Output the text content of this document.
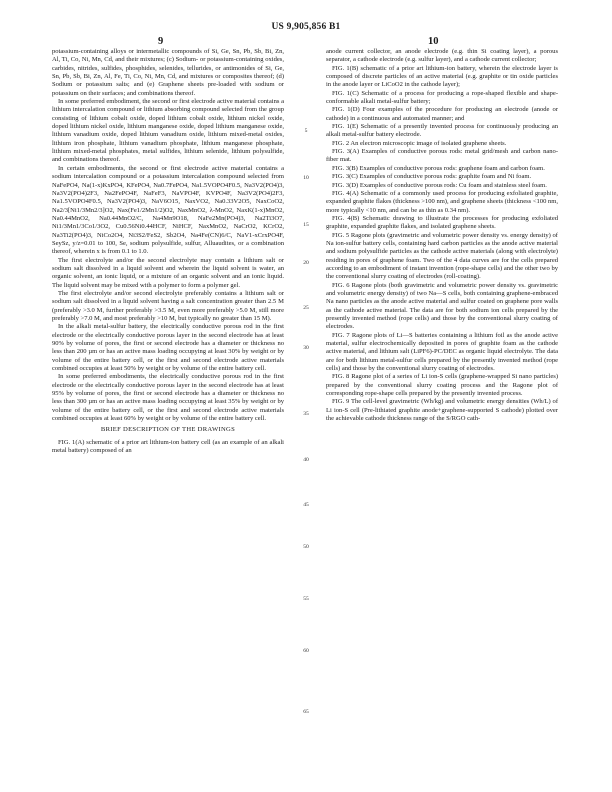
US 9,905,856 B1
9	10

potassium-containing alloys or intermetallic compounds of Si, Ge, Sn, Pb, Sb, Bi, Zn, Al, Ti, Co, Ni, Mn, Cd, and their mixtures; (c) Sodium- or potassium-containing oxides, carbides, nitrides, sulfides, phosphides, selenides, tellurides, or antimonides of Si, Ge, Sn, Pb, Sb, Bi, Zn, Al, Fe, Ti, Co, Ni, Mn, Cd, and mixtures or composites thereof; (d) Sodium or potassium salts; and (e) Graphene sheets pre-loaded with sodium or potassium on their surfaces; and combinations thereof.

In some preferred embodiment, the second or first electrode active material contains a lithium intercalation compound or lithium absorbing compound selected from the group consisting of lithium cobalt oxide, doped lithium cobalt oxide, lithium nickel oxide, doped lithium nickel oxide, lithium manganese oxide, doped lithium manganese oxide, lithium vanadium oxide, doped lithium vanadium oxide, lithium mixed-metal oxides, lithium iron phosphate, lithium vanadium phosphate, lithium manganese phosphate, lithium mixed-metal phosphates, metal sulfides, lithium selenide, lithium polysulfide, and combinations thereof.

In certain embodiments, the second or first electrode active material contains a sodium intercalation compound or a potassium intercalation compound selected from NaFePO4, Na(1-x)KxPO4, KFePO4, Na0.7FePO4, Na1.5VOPO4F0.5, Na3V2(PO4)3, Na3V2(PO4)2F3, Na2FePO4F, NaFeF3, NaVPO4F, KVPO4F, Na3V2(PO4)2F3, Na1.5VOPO4F0.5, Na3V2(PO4)3, NaV6O15, NaxVO2, Na0.33V2O5, NaxCoO2, Na2/3[Ni1/3Mn2/3]O2, Nax(Fe1/2Mn1/2)O2, NaxMnO2, λ-MnO2, NaxK(1-x)MnO2, Na0.44MnO2, Na0.44MnO2/C, Na4Mn9O18, NaFe2Mn(PO4)3, Na2Ti3O7, Ni1/3Mn1/3Co1/3O2, Cu0.56Ni0.44HCF, NiHCF, NaxMnO2, NaCrO2, KCrO2, Na3Ti2(PO4)3, NiCo2O4, Ni3S2/FeS2, Sb2O4, Na4Fe(CN)6/C, NaV1-xCrxPO4F, SeySz, y/z=0.01 to 100, Se, sodium polysulfide, sulfur, Alluaudites, or a combination thereof, wherein x is from 0.1 to 1.0.

The first electrolyte and/or the second electrolyte may contain a lithium salt or sodium salt dissolved in a liquid solvent and wherein the liquid solvent is water, an organic solvent, an ionic liquid, or a mixture of an organic solvent and an ionic liquid. The liquid solvent may be mixed with a polymer to form a polymer gel.

The first electrolyte and/or second electrolyte preferably contains a lithium salt or sodium salt dissolved in a liquid solvent having a salt concentration greater than 2.5 M (preferably >3.0 M, further preferably >3.5 M, even more preferably >5.0 M, still more preferably >7.0 M, and most preferably >10 M, but typically no greater than 15 M).

In the alkali metal-sulfur battery, the electrically conductive porous rod in the first electrode or the electrically conductive porous layer in the second electrode has at least 90% by volume of pores, the first or second electrode has a diameter or thickness no less than 200 µm or has an active mass loading occupying at least 30% by weight or by volume of the entire battery cell, or the first and second electrode active materials combined occupies at least 50% by weight or by volume of the entire battery cell.

In some preferred embodiments, the electrically conductive porous rod in the first electrode or the electrically conductive porous layer in the second electrode has at least 95% by volume of pores, the first or second electrode has a diameter or thickness no less than 300 µm or has an active mass loading occupying at least 35% by weight or by volume of the entire battery cell, or the first and second electrode active materials combined occupies at least 60% by weight or by volume of the entire battery cell.

BRIEF DESCRIPTION OF THE DRAWINGS

FIG. 1(A) schematic of a prior art lithium-ion battery cell (as an example of an alkali metal battery) composed of an

anode current collector, an anode electrode (e.g. thin Si coating layer), a porous separator, a cathode electrode (e.g. sulfur layer), and a cathode current collector;

FIG. 1(B) schematic of a prior art lithium-ion battery, wherein the electrode layer is composed of discrete particles of an active material (e.g. graphite or tin oxide particles in the anode layer or LiCoO2 in the cathode layer);

FIG. 1(C) Schematic of a process for producing a rope-shaped flexible and shape-conformable alkali metal-sulfur battery;

FIG. 1(D) Four examples of the procedure for producing an electrode (anode or cathode) in a continuous and automated manner; and

FIG. 1(E) Schematic of a presently invented process for continuously producing an alkali metal-sulfur battery electrode.

FIG. 2 An electron microscopic image of isolated graphene sheets.

FIG. 3(A) Examples of conductive porous rods: metal grid/mesh and carbon nano-fiber mat.

FIG. 3(B) Examples of conductive porous rods: graphene foam and carbon foam.

FIG. 3(C) Examples of conductive porous rods: graphite foam and Ni foam.

FIG. 3(D) Examples of conductive porous rods: Cu foam and stainless steel foam.

FIG. 4(A) Schematic of a commonly used process for producing exfoliated graphite, expanded graphite flakes (thickness >100 nm), and graphene sheets (thickness <100 nm, more typically <10 nm, and can be as thin as 0.34 nm).

FIG. 4(B) Schematic drawing to illustrate the processes for producing exfoliated graphite, expanded graphite flakes, and isolated graphene sheets.

FIG. 5 Ragone plots (gravimetric and volumetric power density vs. energy density) of Na ion-sulfur battery cells, containing hard carbon particles as the anode active material and sodium polysulfide particles as the cathode active materials (along with electrolyte) residing in pores of graphene foam. Two of the 4 data curves are for the cells prepared according to an embodiment of instant invention (rope-shape cells) and the other two by the conventional slurry coating of electrodes (roll-coating).

FIG. 6 Ragone plots (both gravimetric and volumetric power density vs. gravimetric and volumetric energy density) of two Na—S cells, both containing graphene-embraced Na nano particles as the anode active material and sulfur coated on graphene pore walls as the cathode active material. The data are for both sodium ion cells prepared by the presently invented method (rope cells) and those by the conventional slurry coating of electrodes.

FIG. 7 Ragone plots of Li—S batteries containing a lithium foil as the anode active material, sulfur electrochemically deposited in pores of graphite foam as the cathode active material, and lithium salt (LiPF6)-PC/DEC as organic liquid electrolyte. The data are for both lithium metal-sulfur cells prepared by the presently invented method (rope cells) and those by the conventional slurry coating of electrodes.

FIG. 8 Ragone plot of a series of Li ion-S cells (graphene-wrapped Si nano particles) prepared by the conventional slurry coating process and the Ragone plot of corresponding rope-shape cells prepared by the presently invented process.

FIG. 9 The cell-level gravimetric (Wh/kg) and volumetric energy densities (Wh/L) of Li ion-S cell (Pre-lithiated graphite anode+graphene-supported S cathode) plotted over the achievable cathode thickness range of the S/RGO cath-

5
10
15
20
25
30
35
40
45
50
55
60
65
